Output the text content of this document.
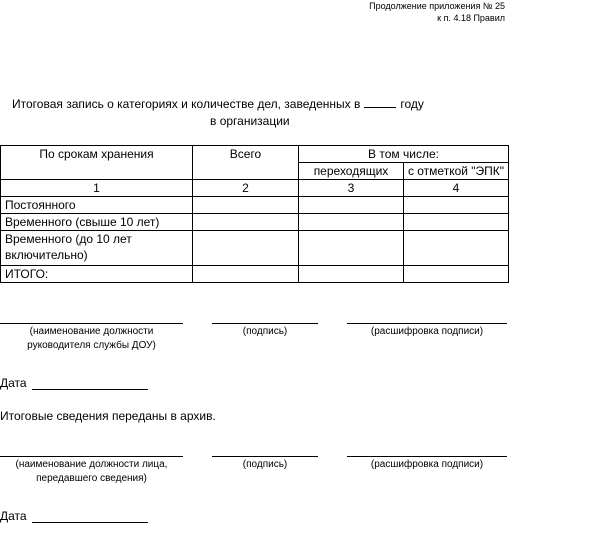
Продолжение приложения № 25
к п. 4.18 Правил
Итоговая запись о категориях и количестве дел, заведенных в	году
в организации
По срокам хранения	Всего	В том числе:	
		переходящих	с отметкой "ЭПК"
1	2	3	4
Постоянного			
Временного (свыше 10 лет)			
Временного (до 10 лет включительно)			
ИТОГО:			
(наименование должности руководителя службы ДОУ)
(подпись)	(расшифровка подписи)
Дата
Итоговые сведения переданы в архив.
(наименование должности лица, передавшего сведения)
(подпись)	(расшифровка подписи)
Дата
